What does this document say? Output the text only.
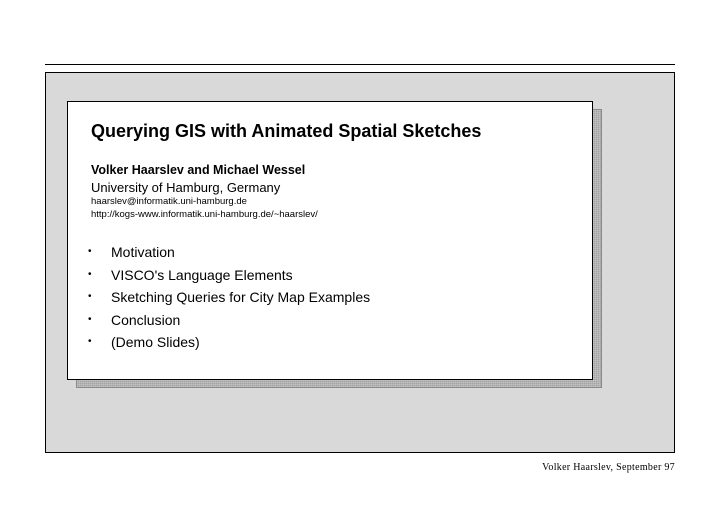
Querying GIS with Animated Spatial Sketches
Volker Haarslev and Michael Wessel
University of Hamburg, Germany
haarslev@informatik.uni-hamburg.de
http://kogs-www.informatik.uni-hamburg.de/~haarslev/
• Motivation
• VISCO's Language Elements
• Sketching Queries for City Map Examples
• Conclusion
• (Demo Slides)
Volker Haarslev, September 97
